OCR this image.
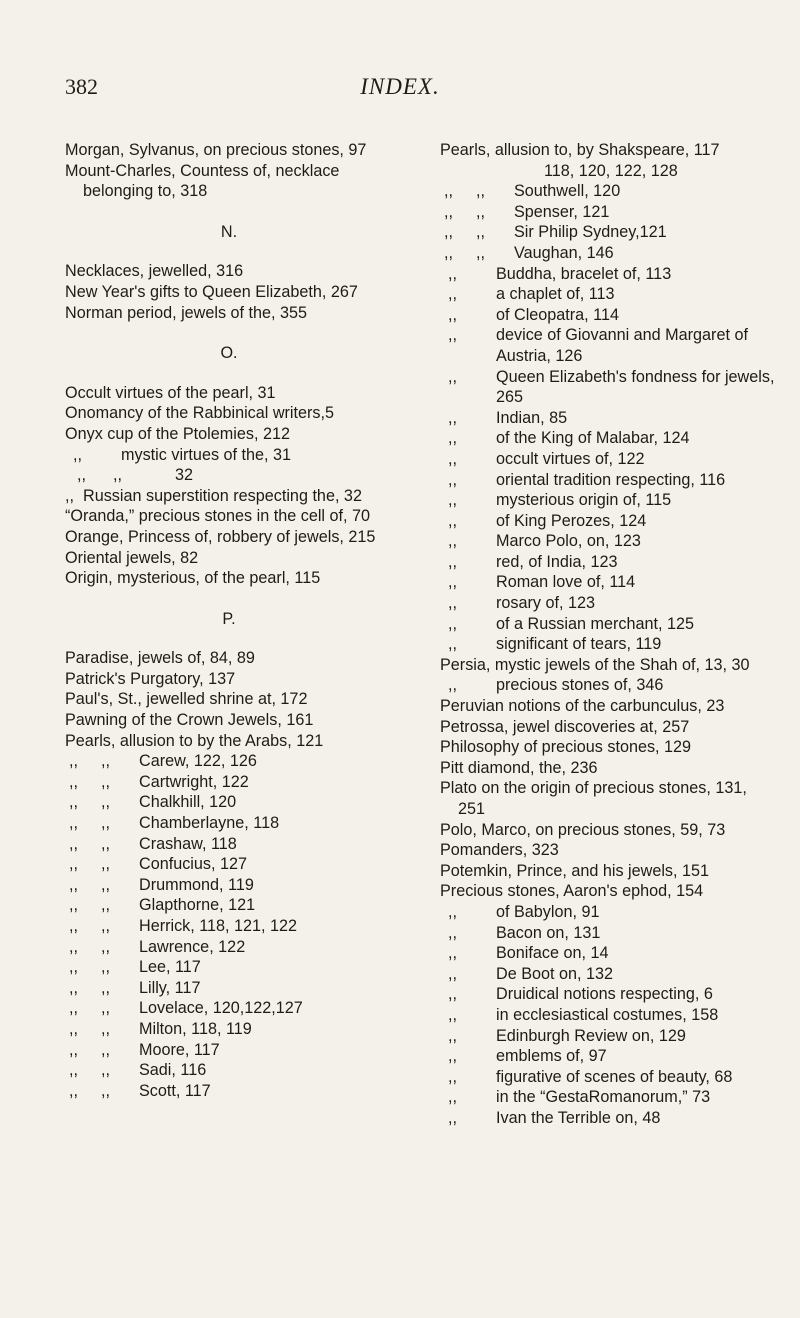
382	INDEX.
Morgan, Sylvanus, on precious stones, 97
Mount-Charles, Countess of, necklace belonging to, 318
N.
Necklaces, jewelled, 316
New Year's gifts to Queen Elizabeth, 267
Norman period, jewels of the, 355
O.
Occult virtues of the pearl, 31
Onomancy of the Rabbinical writers,5
Onyx cup of the Ptolemies, 212
mystic virtues of the, 31
32
Russian superstition respecting the, 32
“Oranda,” precious stones in the cell of, 70
Orange, Princess of, robbery of jewels, 215
Oriental jewels, 82
Origin, mysterious, of the pearl, 115
P.
Paradise, jewels of, 84, 89
Patrick's Purgatory, 137
Paul's, St., jewelled shrine at, 172
Pawning of the Crown Jewels, 161
Pearls, allusion to by the Arabs, 121
Carew, 122, 126
Cartwright, 122
Chalkhill, 120
Chamberlayne, 118
Crashaw, 118
Confucius, 127
Drummond, 119
Glapthorne, 121
Herrick, 118, 121, 122
Lawrence, 122
Lee, 117
Lilly, 117
Lovelace, 120,122,127
Milton, 118, 119
Moore, 117
Sadi, 116
Scott, 117
Pearls, allusion to, by Shakspeare, 117
118, 120, 122, 128
Southwell, 120
Spenser, 121
Sir Philip Sydney,121
Vaughan, 146
Buddha, bracelet of, 113
a chaplet of, 113
of Cleopatra, 114
device of Giovanni and Margaret of Austria, 126
Queen Elizabeth's fondness for jewels, 265
Indian, 85
of the King of Malabar, 124
occult virtues of, 122
oriental tradition respecting, 116
mysterious origin of, 115
of King Perozes, 124
Marco Polo, on, 123
red, of India, 123
Roman love of, 114
rosary of, 123
of a Russian merchant, 125
significant of tears, 119
Persia, mystic jewels of the Shah of, 13, 30
precious stones of, 346
Peruvian notions of the carbunculus, 23
Petrossa, jewel discoveries at, 257
Philosophy of precious stones, 129
Pitt diamond, the, 236
Plato on the origin of precious stones, 131, 251
Polo, Marco, on precious stones, 59, 73
Pomanders, 323
Potemkin, Prince, and his jewels, 151
Precious stones, Aaron's ephod, 154
of Babylon, 91
Bacon on, 131
Boniface on, 14
De Boot on, 132
Druidical notions respecting, 6
in ecclesiastical costumes, 158
Edinburgh Review on, 129
emblems of, 97
figurative of scenes of beauty, 68
in the “GestaRomanorum,” 73
Ivan the Terrible on, 48
